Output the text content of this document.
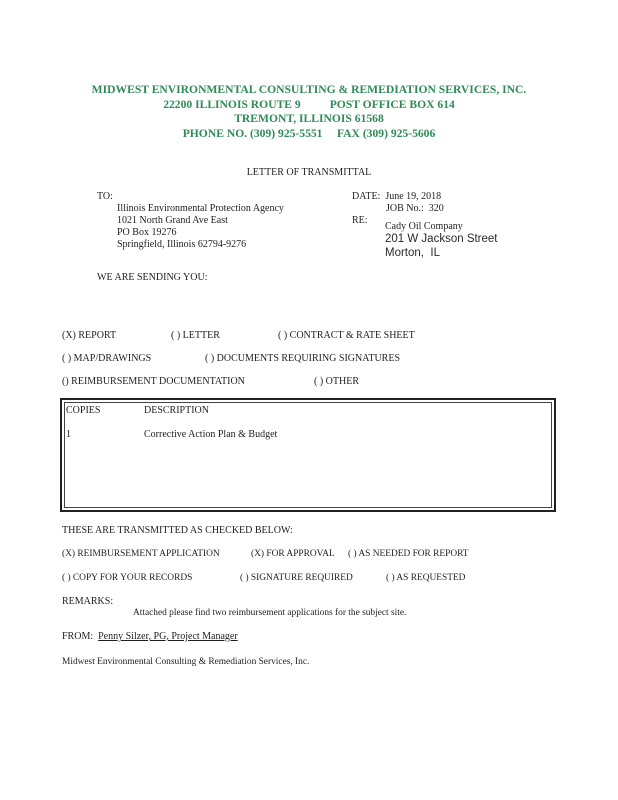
MIDWEST ENVIRONMENTAL CONSULTING & REMEDIATION SERVICES, INC.
22200 ILLINOIS ROUTE 9          POST OFFICE BOX 614
TREMONT, ILLINOIS 61568
PHONE NO. (309) 925-5551     FAX (309) 925-5606
LETTER OF TRANSMITTAL
TO:
Illinois Environmental Protection Agency
1021 North Grand Ave East
PO Box 19276
Springfield, Illinois 62794-9276
DATE: June 19, 2018
JOB No.: 320
RE:
Cady Oil Company
201 W Jackson Street
Morton,  IL
WE ARE SENDING YOU:
(X) REPORT	( ) LETTER	( ) CONTRACT & RATE SHEET
( ) MAP/DRAWINGS	( ) DOCUMENTS REQUIRING SIGNATURES
() REIMBURSEMENT DOCUMENTATION	( ) OTHER
COPIES	DESCRIPTION
1	Corrective Action Plan & Budget
THESE ARE TRANSMITTED AS CHECKED BELOW:
(X) REIMBURSEMENT APPLICATION	(X) FOR APPROVAL ( ) AS NEEDED FOR REPORT
( ) COPY FOR YOUR RECORDS	( ) SIGNATURE REQUIRED	( ) AS REQUESTED
REMARKS:
Attached please find two reimbursement applications for the subject site.
FROM: Penny Silzer, PG, Project Manager
Midwest Environmental Consulting & Remediation Services, Inc.
